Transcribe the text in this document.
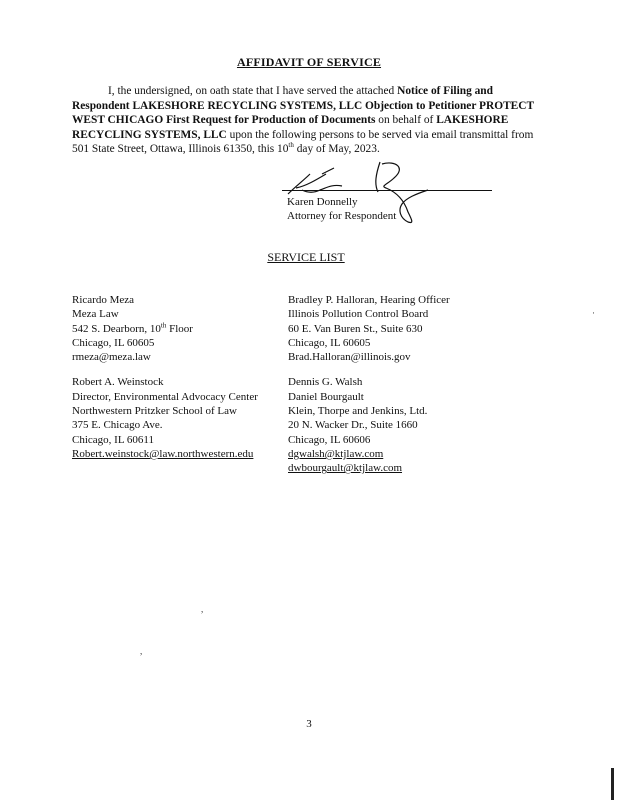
AFFIDAVIT OF SERVICE
I, the undersigned, on oath state that I have served the attached Notice of Filing and Respondent LAKESHORE RECYCLING SYSTEMS, LLC Objection to Petitioner PROTECT WEST CHICAGO First Request for Production of Documents on behalf of LAKESHORE RECYCLING SYSTEMS, LLC upon the following persons to be served via email transmittal from 501 State Street, Ottawa, Illinois 61350, this 10th day of May, 2023.
Karen Donnelly
Attorney for Respondent
SERVICE LIST
Ricardo Meza
Meza Law
542 S. Dearborn, 10th Floor
Chicago, IL 60605
rmeza@meza.law
Robert A. Weinstock
Director, Environmental Advocacy Center
Northwestern Pritzker School of Law
375 E. Chicago Ave.
Chicago, IL 60611
Robert.weinstock@law.northwestern.edu
Bradley P. Halloran, Hearing Officer
Illinois Pollution Control Board
60 E. Van Buren St., Suite 630
Chicago, IL 60605
Brad.Halloran@illinois.gov
Dennis G. Walsh
Daniel Bourgault
Klein, Thorpe and Jenkins, Ltd.
20 N. Wacker Dr., Suite 1660
Chicago, IL 60606
dgwalsh@ktjlaw.com
dwbourgault@ktjlaw.com
,
,
·
3
